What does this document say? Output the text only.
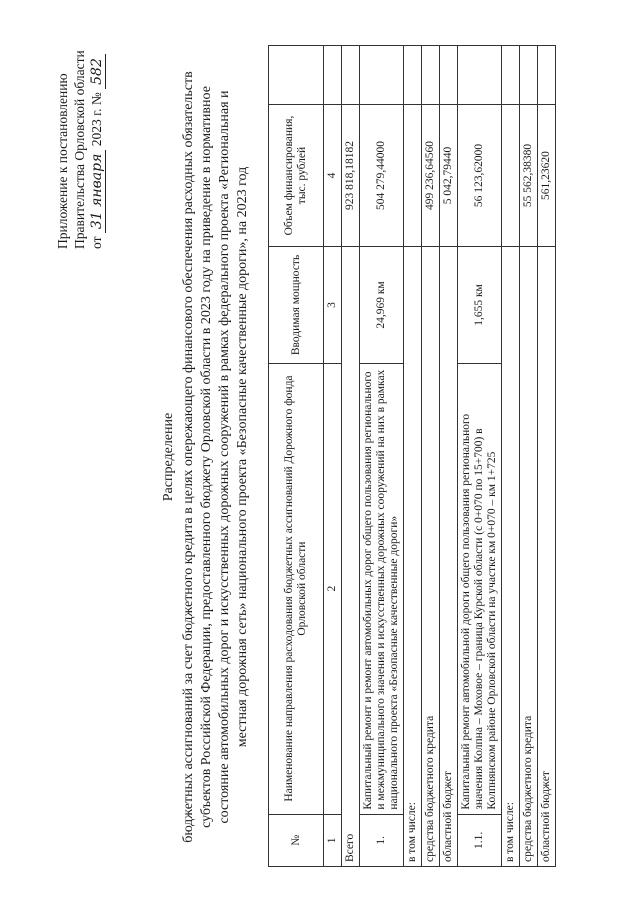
Приложение к постановлению Правительства Орловской области от 31 января 2023 г. № 582
Распределение бюджетных ассигнований за счет бюджетного кредита в целях опережающего финансового обеспечения расходных обязательств субъектов Российской Федерации, предоставленного бюджету Орловской области в 2023 году на приведение в нормативное состояние автомобильных дорог и искусственных дорожных сооружений в рамках федерального проекта «Региональная и местная дорожная сеть» национального проекта «Безопасные качественные дороги», на 2023 год
№	Наименование направления расходования бюджетных ассигнований Дорожного фонда Орловской области	Вводимая мощность	Объем финансирования, тыс. рублей	
1	2	3	4	
Всего			923 818,18182	
1.	Капитальный ремонт и ремонт автомобильных дорог общего пользования регионального и межмуниципального значения и искусственных дорожных сооружений на них в рамках национального проекта «Безопасные качественные дороги»	24,969 км	504 279,44000	
в том числе:				
средства бюджетного кредита			499 236,64560	
областной бюджет			5 042,79440	
1.1.	Капитальный ремонт автомобильной дороги общего пользования регионального значения Колпна – Моховое – граница Курской области (с 0+070 по 15+700) в Колпнянском районе Орловской области на участке км 0+070 – км 1+725	1,655 км	56 123,62000	
в том числе:				
средства бюджетного кредита			55 562,38380	
областной бюджет			561,23620	
